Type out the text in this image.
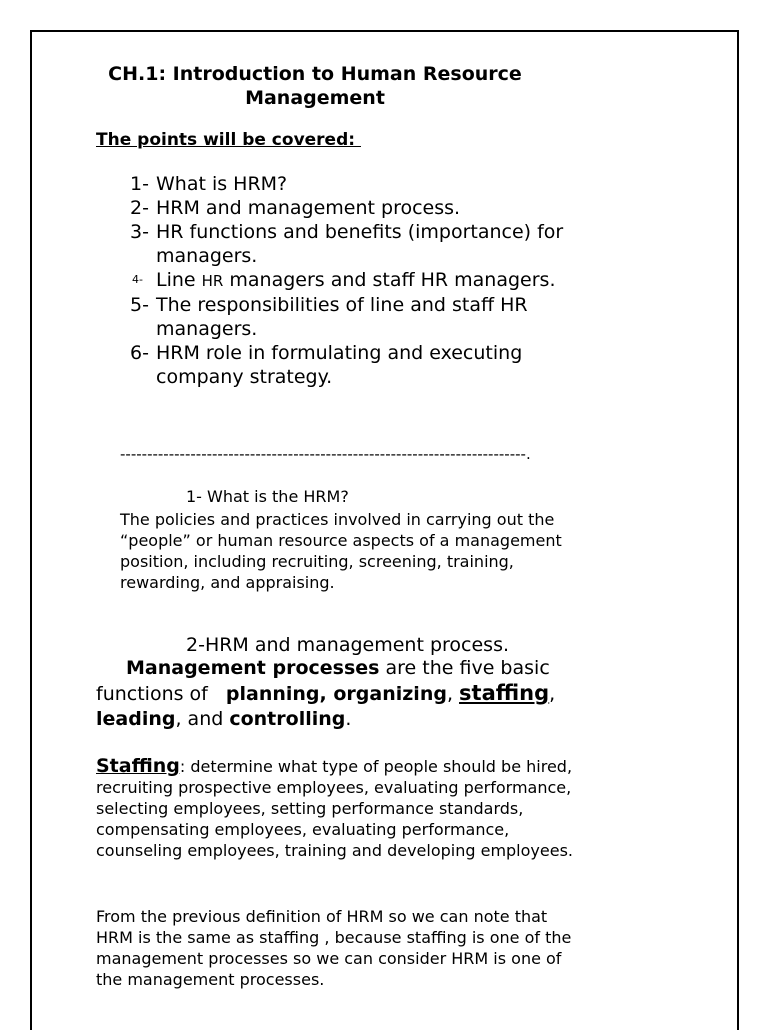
CH.1: Introduction to Human Resource
Management
The points will be covered:
1- What is HRM?
2- HRM and management process.
3- HR functions and benefits (importance) for managers.
4- Line HR managers and staff HR managers.
5- The responsibilities of line and staff HR managers.
6- HRM role in formulating and executing company strategy.
---------------------------------------------------------------------------.
1- What is the HRM?
The policies and practices involved in carrying out the “people” or human resource aspects of a management position, including recruiting, screening, training, rewarding, and appraising.
2-HRM and management process.
Management processes are the five basic functions of planning, organizing, staffing, leading, and controlling.
Staffing: determine what type of people should be hired, recruiting prospective employees, evaluating performance, selecting employees, setting performance standards, compensating employees, evaluating performance, counseling employees, training and developing employees.
From the previous definition of HRM so we can note that HRM is the same as staffing , because staffing is one of the management processes so we can consider HRM is one of the management processes.
